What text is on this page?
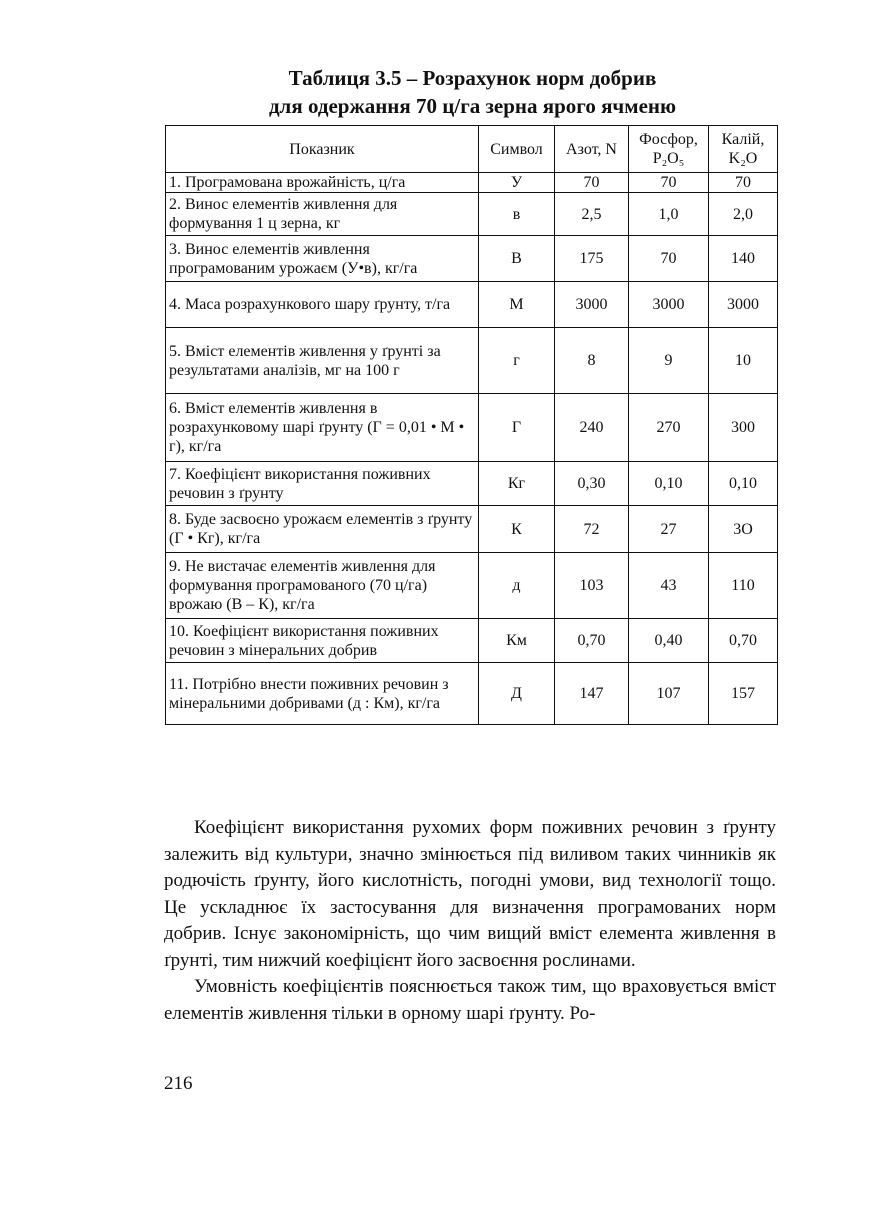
Таблиця 3.5 – Розрахунок норм добрив
для одержання 70 ц/га зерна ярого ячменю
Показник	Символ	Азот, N	Фосфор, P₂O₅	Калій, K₂O
1. Програмована врожайність, ц/га	У	70	70	70
2. Винос елементів живлення для формування 1 ц зерна, кг	в	2,5	1,0	2,0
3. Винос елементів живлення програмованим урожаєм (У•в), кг/га	В	175	70	140
4. Маса розрахункового шару ґрунту, т/га	М	3000	3000	3000
5. Вміст елементів живлення у ґрунті за результатами аналізів, мг на 100 г	г	8	9	10
6. Вміст елементів живлення в розрахунковому шарі ґрунту (Г = 0,01 • М • г), кг/га	Г	240	270	300
7. Коефіцієнт використання поживних речовин з ґрунту	Кг	0,30	0,10	0,10
8. Буде засвоєно урожаєм елементів з ґрунту (Г • Кг), кг/га	К	72	27	3О
9. Не вистачає елементів живлення для формування програмованого (70 ц/га) врожаю (В – К), кг/га	д	103	43	110
10. Коефіцієнт використання поживних речовин з мінеральних добрив	Км	0,70	0,40	0,70
11. Потрібно внести поживних речовин з мінеральними добривами (д : Км), кг/га	Д	147	107	157

Коефіцієнт використання рухомих форм поживних речовин з ґрунту залежить від культури, значно змінюється під виливом таких чинників як родючість ґрунту, його кислотність, погодні умови, вид технології тощо. Це ускладнює їх застосування для визначення програмованих норм добрив. Існує закономірність, що чим вищий вміст елемента живлення в ґрунті, тим нижчий коефіцієнт його засвоєння рослинами.

Умовність коефіцієнтів пояснюється також тим, що враховується вміст елементів живлення тільки в орному шарі ґрунту. Ро-

216
